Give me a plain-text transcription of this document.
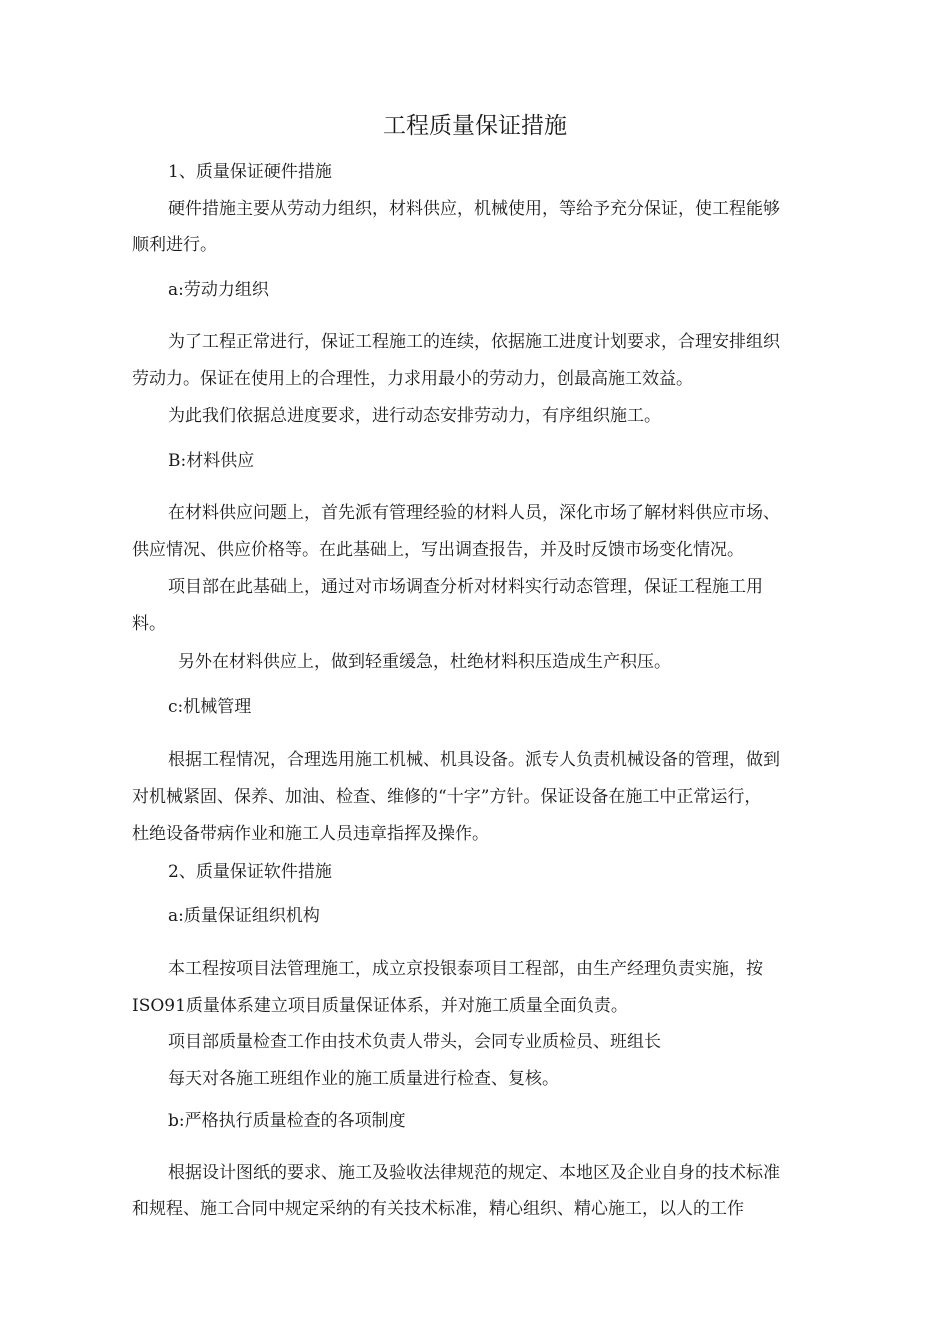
工程质量保证措施
1、质量保证硬件措施
硬件措施主要从劳动力组织，材料供应，机械使用，等给予充分保证，使工程能够
顺利进行。
a:劳动力组织
为了工程正常进行，保证工程施工的连续，依据施工进度计划要求，合理安排组织
劳动力。保证在使用上的合理性，力求用最小的劳动力，创最高施工效益。
为此我们依据总进度要求，进行动态安排劳动力，有序组织施工。
B:材料供应
在材料供应问题上，首先派有管理经验的材料人员，深化市场了解材料供应市场、
供应情况、供应价格等。在此基础上，写出调查报告，并及时反馈市场变化情况。
项目部在此基础上，通过对市场调查分析对材料实行动态管理，保证工程施工用
料。
另外在材料供应上，做到轻重缓急，杜绝材料积压造成生产积压。
c:机械管理
根据工程情况，合理选用施工机械、机具设备。派专人负责机械设备的管理，做到
对机械紧固、保养、加油、检查、维修的“十字”方针。保证设备在施工中正常运行，
杜绝设备带病作业和施工人员违章指挥及操作。
2、质量保证软件措施
a:质量保证组织机构
本工程按项目法管理施工，成立京投银泰项目工程部，由生产经理负责实施，按
ISO91质量体系建立项目质量保证体系，并对施工质量全面负责。
项目部质量检查工作由技术负责人带头，会同专业质检员、班组长
每天对各施工班组作业的施工质量进行检查、复核。
b:严格执行质量检查的各项制度
根据设计图纸的要求、施工及验收法律规范的规定、本地区及企业自身的技术标准
和规程、施工合同中规定采纳的有关技术标准，精心组织、精心施工，以人的工作
